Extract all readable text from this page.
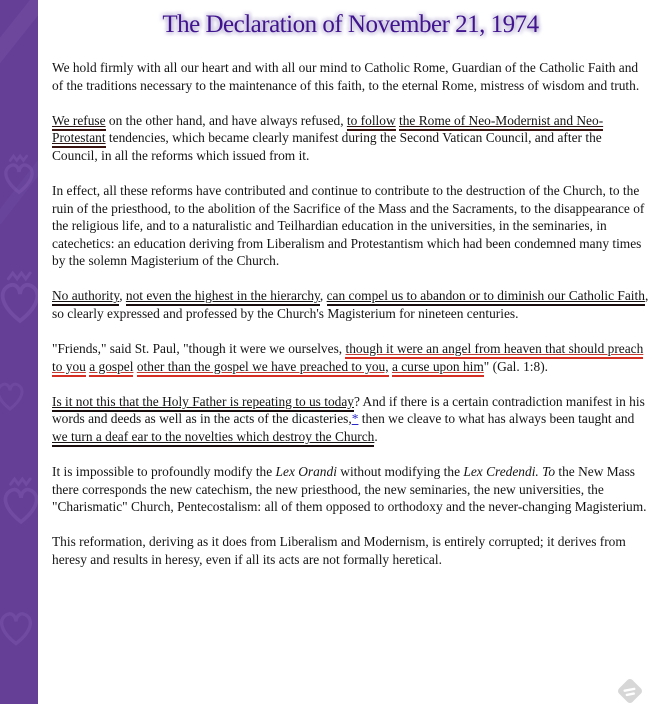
The Declaration of November 21, 1974

We hold firmly with all our heart and with all our mind to Catholic Rome, Guardian of the Catholic Faith and of the traditions necessary to the maintenance of this faith, to the eternal Rome, mistress of wisdom and truth.

We refuse on the other hand, and have always refused, to follow the Rome of Neo-Modernist and Neo-Protestant tendencies, which became clearly manifest during the Second Vatican Council, and after the Council, in all the reforms which issued from it.

In effect, all these reforms have contributed and continue to contribute to the destruction of the Church, to the ruin of the priesthood, to the abolition of the Sacrifice of the Mass and the Sacraments, to the disappearance of the religious life, and to a naturalistic and Teilhardian education in the universities, in the seminaries, in catechetics: an education deriving from Liberalism and Protestantism which had been condemned many times by the solemn Magisterium of the Church.

No authority, not even the highest in the hierarchy, can compel us to abandon or to diminish our Catholic Faith, so clearly expressed and professed by the Church's Magisterium for nineteen centuries.

"Friends," said St. Paul, "though it were we ourselves, though it were an angel from heaven that should preach to you a gospel other than the gospel we have preached to you, a curse upon him" (Gal. 1:8).

Is it not this that the Holy Father is repeating to us today? And if there is a certain contradiction manifest in his words and deeds as well as in the acts of the dicasteries,* then we cleave to what has always been taught and we turn a deaf ear to the novelties which destroy the Church.

It is impossible to profoundly modify the Lex Orandi without modifying the Lex Credendi. To the New Mass there corresponds the new catechism, the new priesthood, the new seminaries, the new universities, the "Charismatic" Church, Pentecostalism: all of them opposed to orthodoxy and the never-changing Magisterium.

This reformation, deriving as it does from Liberalism and Modernism, is entirely corrupted; it derives from heresy and results in heresy, even if all its acts are not formally heretical.
